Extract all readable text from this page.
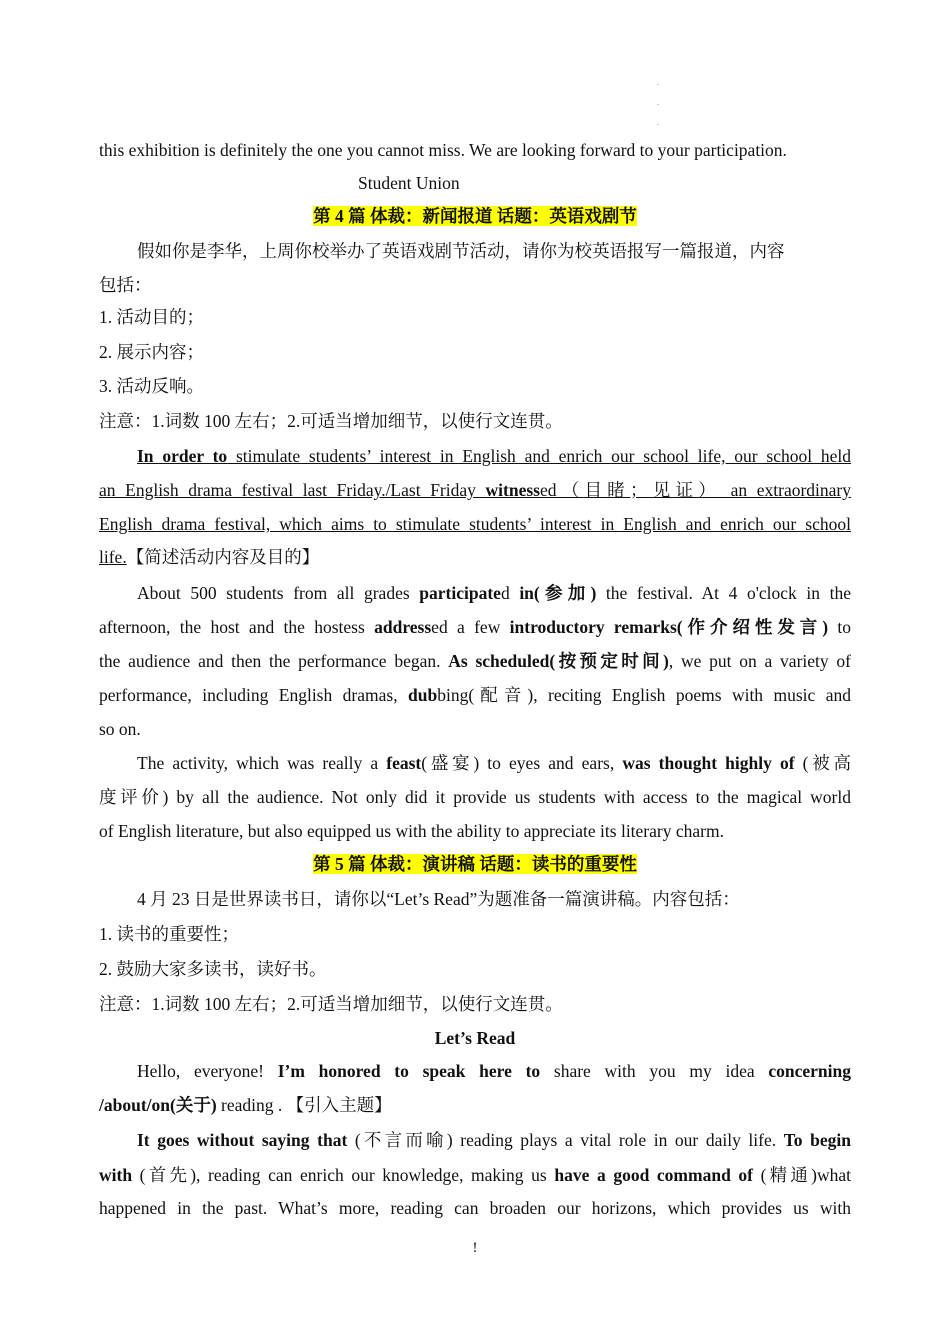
.
.
.
this exhibition is definitely the one you cannot miss. We are looking forward to your participation.
Student Union
第 4 篇 体裁：新闻报道 话题：英语戏剧节
假如你是李华，上周你校举办了英语戏剧节活动，请你为校英语报写一篇报道，内容
包括：
1. 活动目的；
2. 展示内容；
3. 活动反响。
注意：1.词数 100 左右；2.可适当增加细节，以使行文连贯。
In order to stimulate students’ interest in English and enrich our school life, our school held
an English drama festival last Friday./Last Friday witnessed（目睹；见证） an extraordinary
English drama festival, which aims to stimulate students’ interest in English and enrich our school
life.【简述活动内容及目的】
About 500 students from all grades participated in(参加) the festival. At 4 o'clock in the
afternoon, the host and the hostess addressed a few introductory remarks(作介绍性发言) to
the audience and then the performance began. As scheduled(按预定时间), we put on a variety of
performance, including English dramas, dubbing(配音), reciting English poems with music and
so on.
The activity, which was really a feast(盛宴) to eyes and ears, was thought highly of (被高
度评价) by all the audience. Not only did it provide us students with access to the magical world
of English literature, but also equipped us with the ability to appreciate its literary charm.
第 5 篇 体裁：演讲稿 话题：读书的重要性
4 月 23 日是世界读书日，请你以“Let’s Read”为题准备一篇演讲稿。内容包括：
1. 读书的重要性；
2. 鼓励大家多读书，读好书。
注意：1.词数 100 左右；2.可适当增加细节，以使行文连贯。
Let’s Read
Hello, everyone! I’m honored to speak here to share with you my idea concerning
/about/on(关于) reading . 【引入主题】
It goes without saying that (不言而喻) reading plays a vital role in our daily life. To begin
with (首先), reading can enrich our knowledge, making us have a good command of (精通)what
happened in the past. What’s more, reading can broaden our horizons, which provides us with
!
